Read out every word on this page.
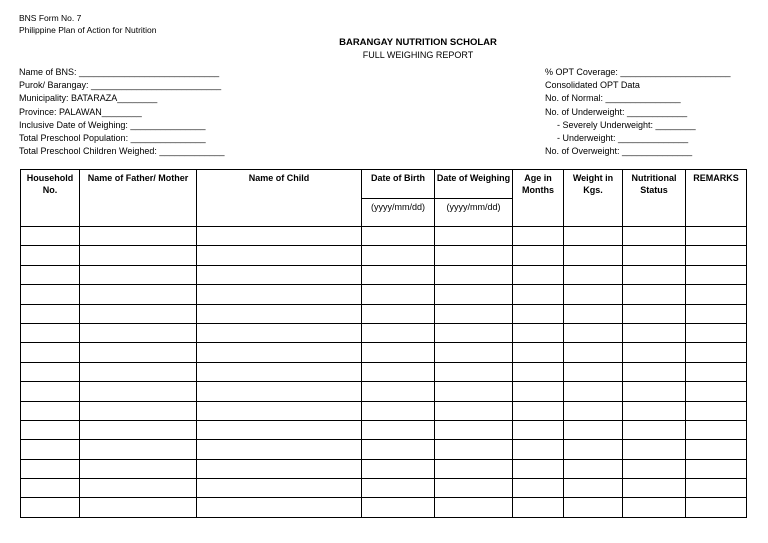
BNS Form No. 7
Philippine Plan of Action for Nutrition
BARANGAY NUTRITION SCHOLAR
FULL WEIGHING REPORT
Name of BNS: ____________________________
Purok/ Barangay: __________________________
Municipality: BATARAZA________
Province: PALAWAN________
Inclusive Date of Weighing: _______________
Total Preschool Population: _______________
Total Preschool Children Weighed: _____________
% OPT Coverage: ______________________
Consolidated OPT Data
No. of Normal: _______________
No. of Underweight: ____________
- Severely Underweight: ________
- Underweight: ______________
No. of Overweight: ______________
Household No.	Name of Father/ Mother	Name of Child	Date of Birth	Date of Weighing	Age in Months	Weight in Kgs.	Nutritional Status	REMARKS
			(yyyy/mm/dd)	(yyyy/mm/dd)				
